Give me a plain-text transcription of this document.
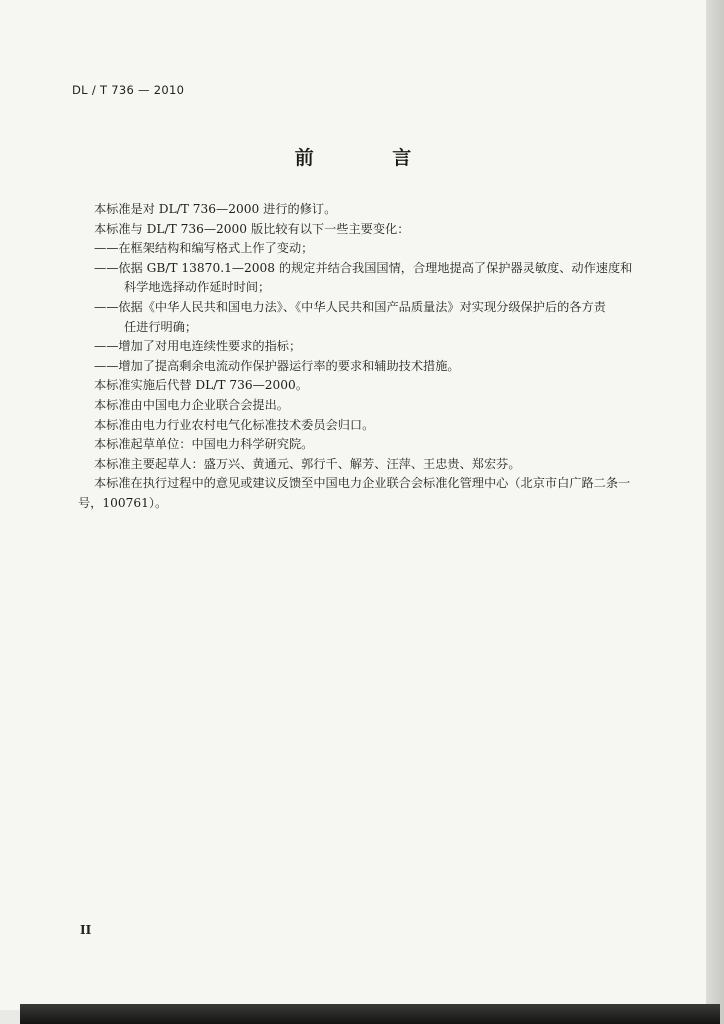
DL / T 736 — 2010
前 言
本标准是对 DL/T 736—2000 进行的修订。
本标准与 DL/T 736—2000 版比较有以下一些主要变化：
——在框架结构和编写格式上作了变动；
——依据 GB/T 13870.1—2008 的规定并结合我国国情，合理地提高了保护器灵敏度、动作速度和
科学地选择动作延时时间；
——依据《中华人民共和国电力法》、《中华人民共和国产品质量法》对实现分级保护后的各方责
任进行明确；
——增加了对用电连续性要求的指标；
——增加了提高剩余电流动作保护器运行率的要求和辅助技术措施。
本标准实施后代替 DL/T 736—2000。
本标准由中国电力企业联合会提出。
本标准由电力行业农村电气化标准技术委员会归口。
本标准起草单位：中国电力科学研究院。
本标准主要起草人：盛万兴、黄通元、郭行千、解芳、汪萍、王忠贵、郑宏芬。
本标准在执行过程中的意见或建议反馈至中国电力企业联合会标准化管理中心（北京市白广路二条一号，100761）。
II
